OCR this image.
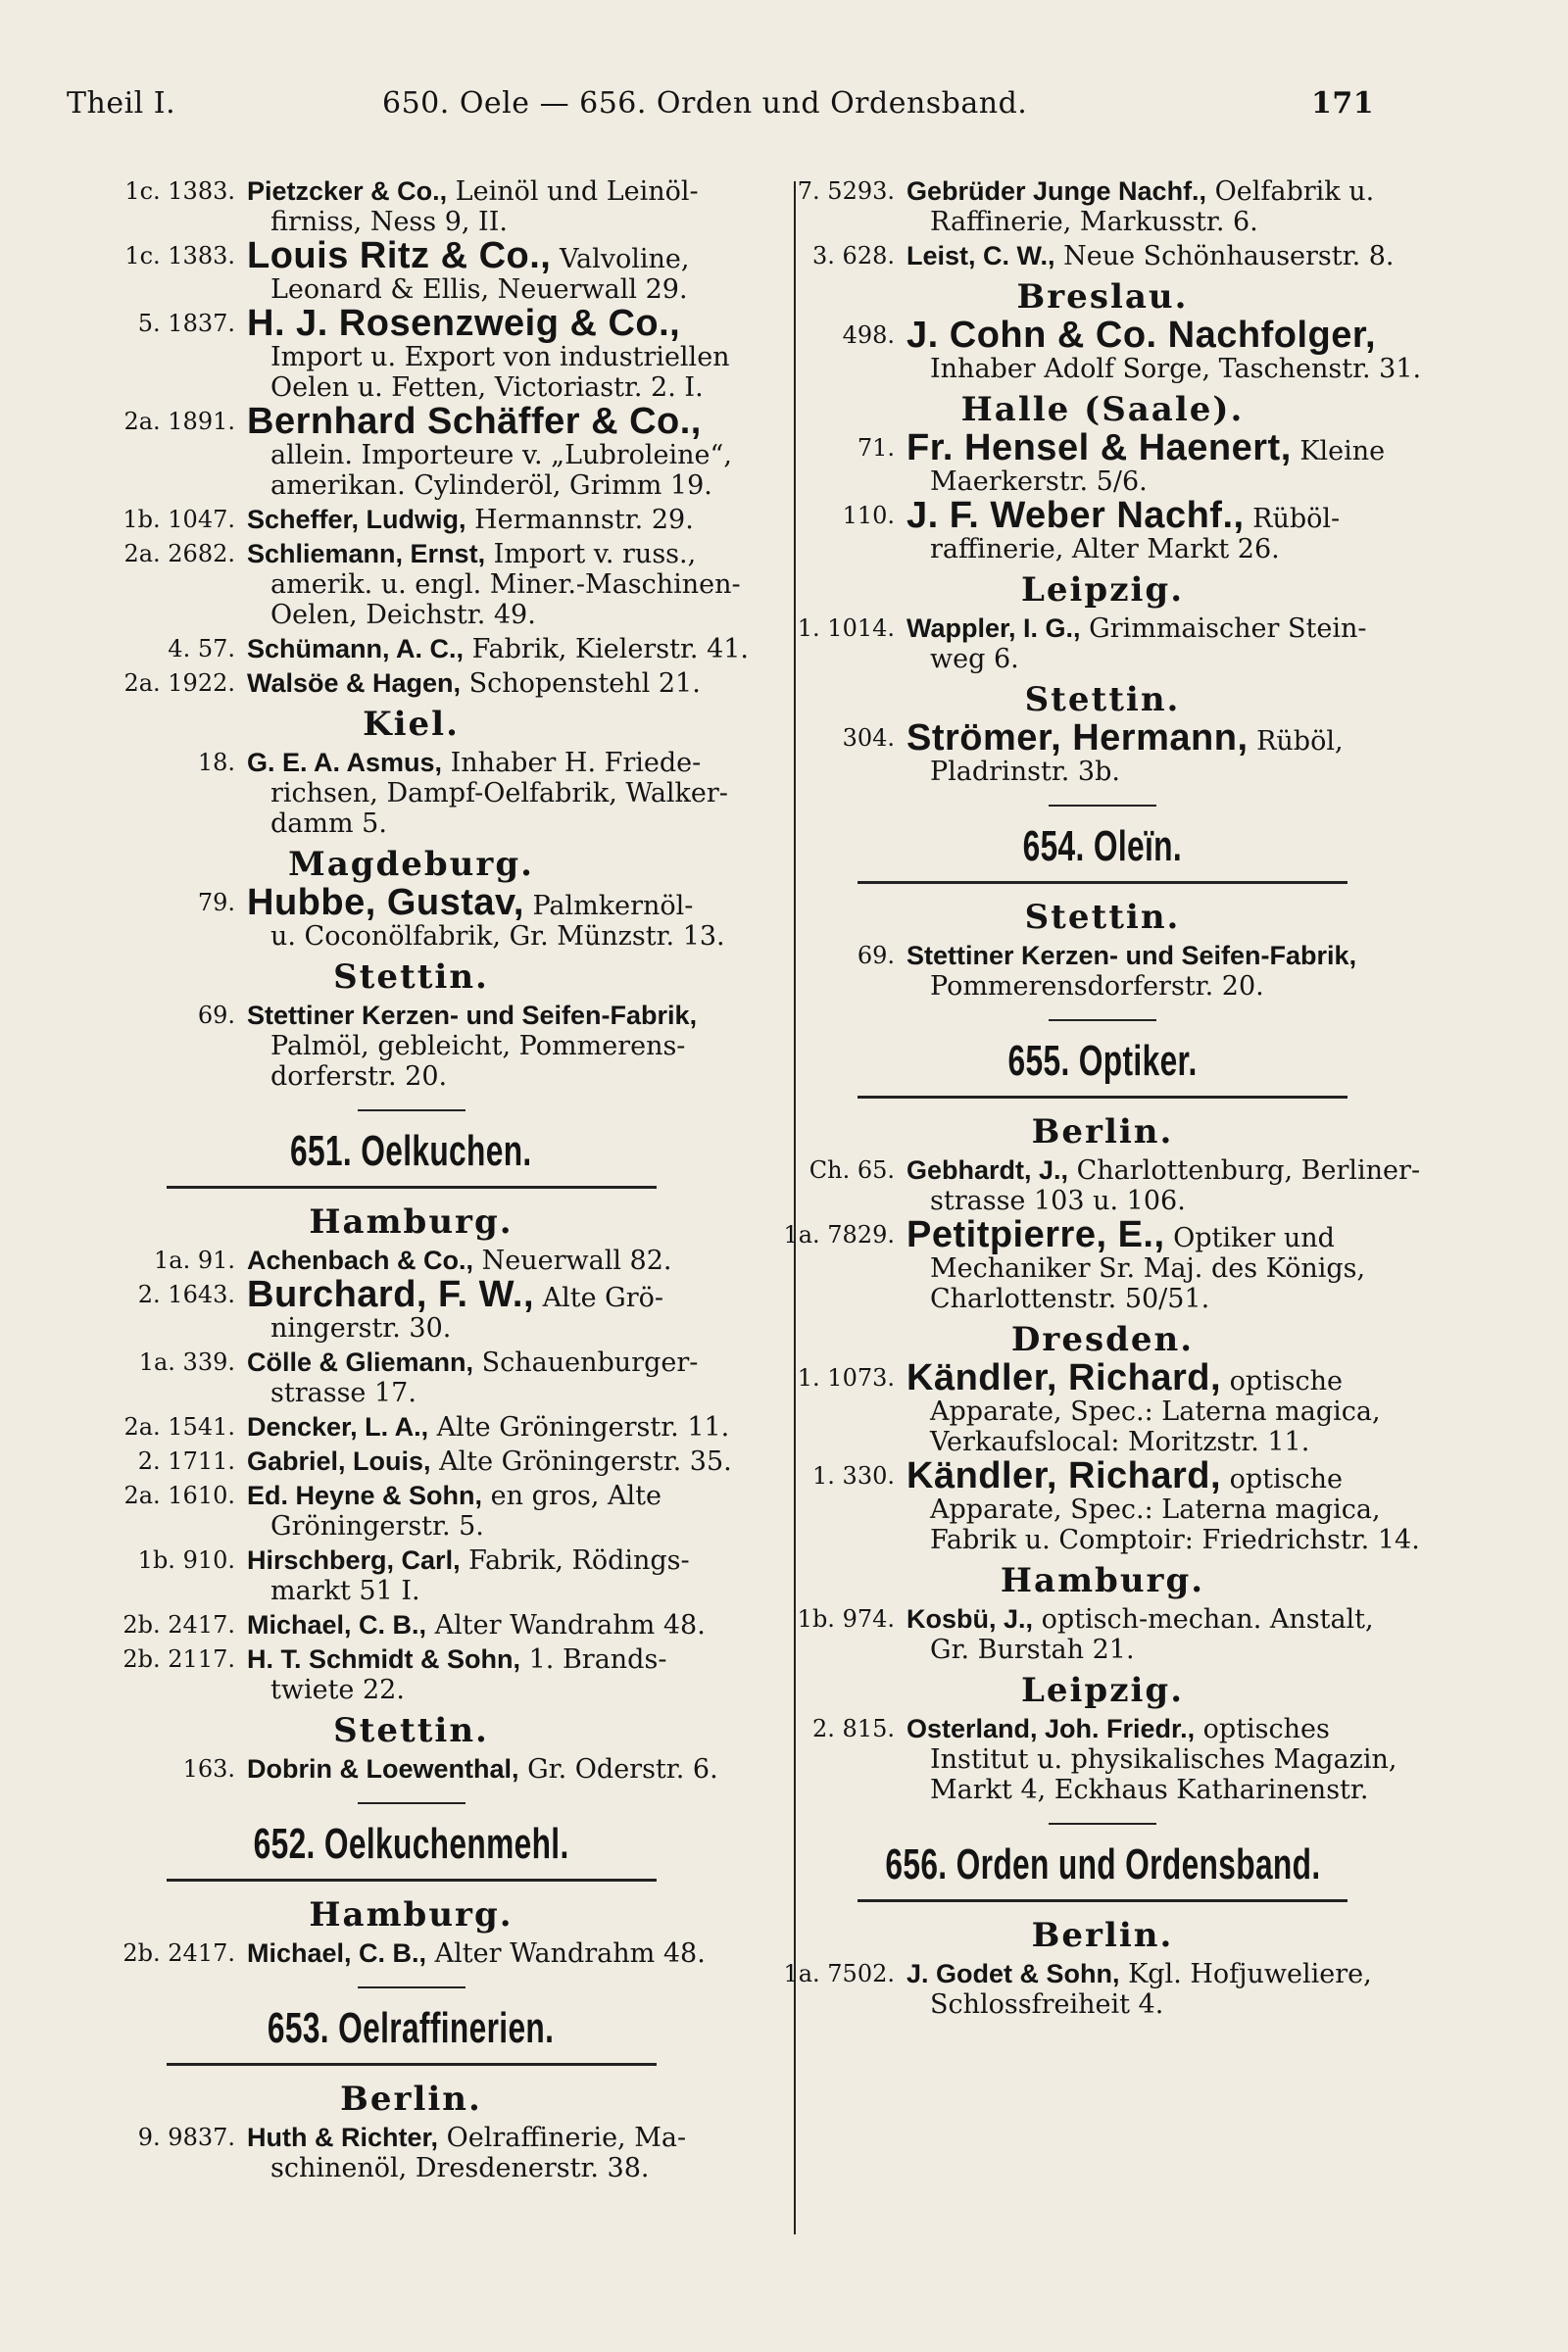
Theil I.	650. Oele — 656. Orden und Ordensband.	171
1c. 1383. Pietzcker & Co., Leinöl und Leinöl-
firniss, Ness 9, II.
1c. 1383. Louis Ritz & Co., Valvoline,
Leonard & Ellis, Neuerwall 29.
5. 1837. H. J. Rosenzweig & Co.,
Import u. Export von industriellen Oelen u. Fetten, Victoriastr. 2. I.
2a. 1891. Bernhard Schäffer & Co.,
allein. Importeure v. „Lubroleine“, amerikan. Cylinderöl, Grimm 19.
1b. 1047. Scheffer, Ludwig, Hermannstr. 29.
2a. 2682. Schliemann, Ernst, Import v. russ.,
amerik. u. engl. Miner.-Maschinen-Oelen, Deichstr. 49.
4. 57. Schümann, A. C., Fabrik, Kielerstr. 41.
2a. 1922. Walsöe & Hagen, Schopenstehl 21.
Kiel.
18. G. E. A. Asmus, Inhaber H. Friede-
richsen, Dampf-Oelfabrik, Walker-damm 5.
Magdeburg.
79. Hubbe, Gustav, Palmkernöl-
u. Coconölfabrik, Gr. Münzstr. 13.
Stettin.
69. Stettiner Kerzen- und Seifen-Fabrik,
Palmöl, gebleicht, Pommerens-dorferstr. 20.
651. Oelkuchen.
Hamburg.
1a. 91. Achenbach & Co., Neuerwall 82.
2. 1643. Burchard, F. W., Alte Grö-
ningerstr. 30.
1a. 339. Cölle & Gliemann, Schauenburger-
strasse 17.
2a. 1541. Dencker, L. A., Alte Gröningerstr. 11.
2. 1711. Gabriel, Louis, Alte Gröningerstr. 35.
2a. 1610. Ed. Heyne & Sohn, en gros, Alte
Gröningerstr. 5.
1b. 910. Hirschberg, Carl, Fabrik, Rödings-
markt 51 I.
2b. 2417. Michael, C. B., Alter Wandrahm 48.
2b. 2117. H. T. Schmidt & Sohn, 1. Brands-
twiete 22.
Stettin.
163. Dobrin & Loewenthal, Gr. Oderstr. 6.
652. Oelkuchenmehl.
Hamburg.
2b. 2417. Michael, C. B., Alter Wandrahm 48.
653. Oelraffinerien.
Berlin.
9. 9837. Huth & Richter, Oelraffinerie, Ma-
schinenöl, Dresdenerstr. 38.
7. 5293. Gebrüder Junge Nachf., Oelfabrik u.
Raffinerie, Markusstr. 6.
3. 628. Leist, C. W., Neue Schönhauserstr. 8.
Breslau.
498. J. Cohn & Co. Nachfolger,
Inhaber Adolf Sorge, Taschenstr. 31.
Halle (Saale).
71. Fr. Hensel & Haenert, Kleine
Maerkerstr. 5/6.
110. J. F. Weber Nachf., Rüböl-
raffinerie, Alter Markt 26.
Leipzig.
1. 1014. Wappler, I. G., Grimmaischer Stein-
weg 6.
Stettin.
304. Strömer, Hermann, Rüböl,
Pladrinstr. 3b.
654. Oleïn.
Stettin.
69. Stettiner Kerzen- und Seifen-Fabrik,
Pommerensdorferstr. 20.
655. Optiker.
Berlin.
Ch. 65. Gebhardt, J., Charlottenburg, Berliner-
strasse 103 u. 106.
1a. 7829. Petitpierre, E., Optiker und
Mechaniker Sr. Maj. des Königs, Charlottenstr. 50/51.
Dresden.
1. 1073. Kändler, Richard, optische
Apparate, Spec.: Laterna magica, Verkaufslocal: Moritzstr. 11.
1. 330. Kändler, Richard, optische
Apparate, Spec.: Laterna magica, Fabrik u. Comptoir: Friedrichstr. 14.
Hamburg.
1b. 974. Kosbü, J., optisch-mechan. Anstalt,
Gr. Burstah 21.
Leipzig.
2. 815. Osterland, Joh. Friedr., optisches
Institut u. physikalisches Magazin, Markt 4, Eckhaus Katharinenstr.
656. Orden und Ordensband.
Berlin.
1a. 7502. J. Godet & Sohn, Kgl. Hofjuweliere,
Schlossfreiheit 4.
